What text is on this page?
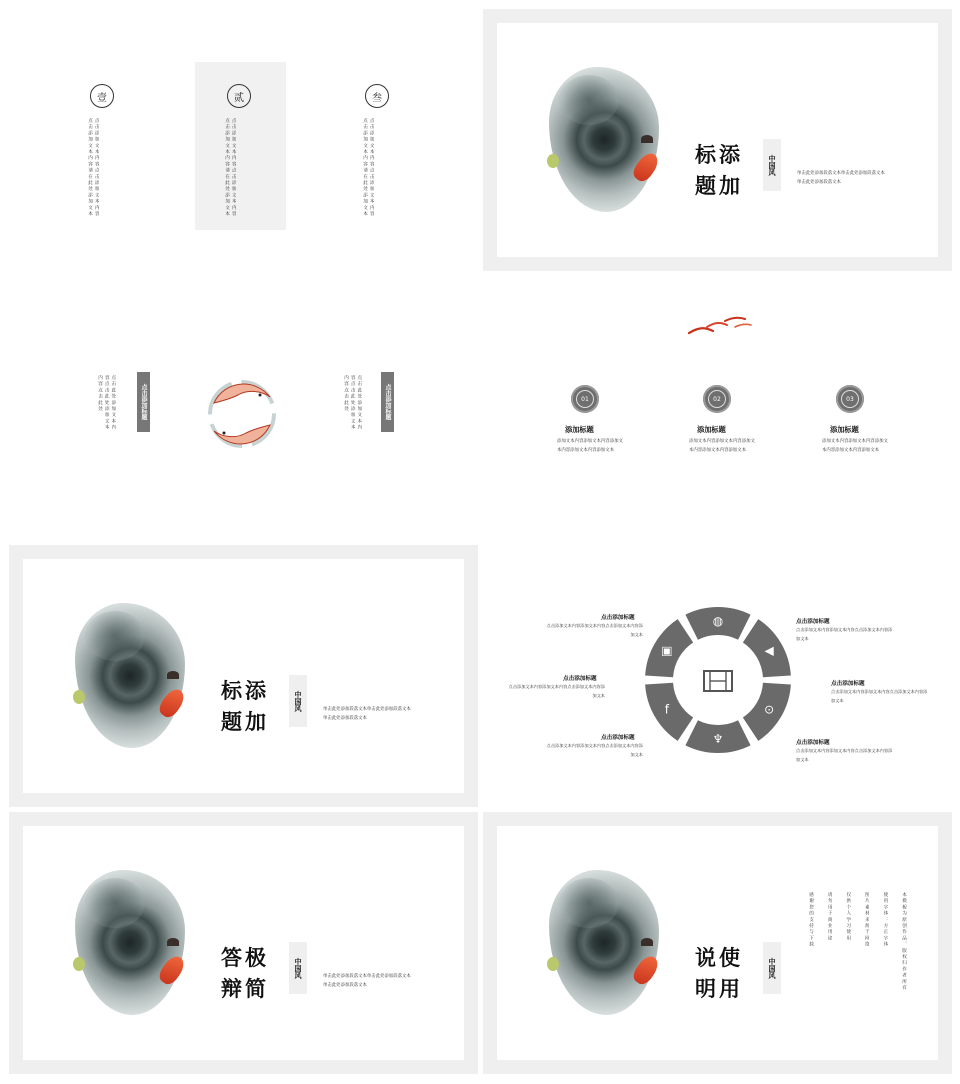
壹
点击添加文本内容点击添加文本内容点击添加文本内容请在此处添加文本
贰
点击添加文本内容点击添加文本内容点击添加文本内容请在此处添加文本
叁
点击添加文本内容点击添加文本内容点击添加文本内容请在此处添加文本	标添题加
中国风	单击此处添加段落文本单击此处添加段落文本单击此处添加段落文本
点击此处添加文本内容点击此处添加文本内容点击此处	点击添加标题	点击此处添加文本内容点击此处添加文本内容点击此处	点击添加标题	01
添加标题
添加文本内容添加文本内容添加文本内容添加文本内容添加文本
02
添加标题
添加文本内容添加文本内容添加文本内容添加文本内容添加文本
03
添加标题
添加文本内容添加文本内容添加文本内容添加文本内容添加文本
标添题加
中国风	单击此处添加段落文本单击此处添加段落文本单击此处添加段落文本
◍
◀
⊙
♆
f
▣
点击添加标题
点击添加文本内容添加文本内容点击添加文本内容添加文本
点击添加标题
点击添加文本内容添加文本内容点击添加文本内容添加文本
点击添加标题
点击添加文本内容添加文本内容点击添加文本内容添加文本
点击添加标题
点击添加文本内容添加文本内容点击添加文本内容添加文本
点击添加标题
点击添加文本内容添加文本内容点击添加文本内容添加文本
点击添加标题
点击添加文本内容添加文本内容点击添加文本内容添加文本
答极辩简
中国风	单击此处添加段落文本单击此处添加段落文本单击此处添加段落文本
说使明用
中国风	本模板为原创作品，版权归作者所有
使用字体：方正字体
图片素材来源于网络
仅供个人学习使用
请勿用于商业用途
感谢您的支持与下载
